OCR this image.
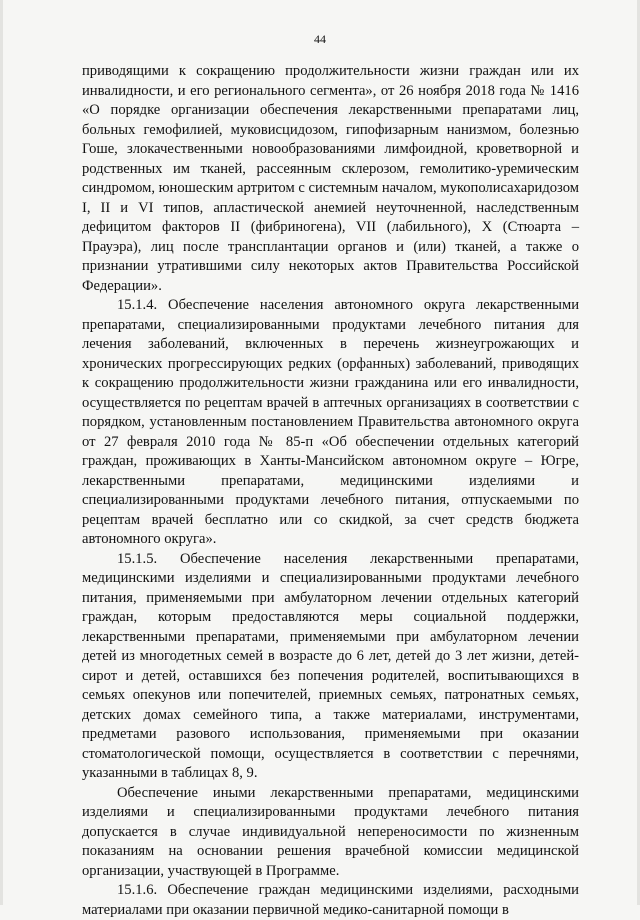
44

приводящими к сокращению продолжительности жизни граждан или их инвалидности, и его регионального сегмента», от 26 ноября 2018 года № 1416 «О порядке организации обеспечения лекарственными препаратами лиц, больных гемофилией, муковисцидозом, гипофизарным нанизмом, болезнью Гоше, злокачественными новообразованиями лимфоидной, кроветворной и родственных им тканей, рассеянным склерозом, гемолитико-уремическим синдромом, юношеским артритом с системным началом, мукополисахаридозом I, II и VI типов, апластической анемией неуточненной, наследственным дефицитом факторов II (фибриногена), VII (лабильного), X (Стюарта – Прауэра), лиц после трансплантации органов и (или) тканей, а также о признании утратившими силу некоторых актов Правительства Российской Федерации».

15.1.4. Обеспечение населения автономного округа лекарственными препаратами, специализированными продуктами лечебного питания для лечения заболеваний, включенных в перечень жизнеугрожающих и хронических прогрессирующих редких (орфанных) заболеваний, приводящих к сокращению продолжительности жизни гражданина или его инвалидности, осуществляется по рецептам врачей в аптечных организациях в соответствии с порядком, установленным постановлением Правительства автономного округа от 27 февраля 2010 года № 85-п «Об обеспечении отдельных категорий граждан, проживающих в Ханты-Мансийском автономном округе – Югре, лекарственными препаратами, медицинскими изделиями и специализированными продуктами лечебного питания, отпускаемыми по рецептам врачей бесплатно или со скидкой, за счет средств бюджета автономного округа».

15.1.5. Обеспечение населения лекарственными препаратами, медицинскими изделиями и специализированными продуктами лечебного питания, применяемыми при амбулаторном лечении отдельных категорий граждан, которым предоставляются меры социальной поддержки, лекарственными препаратами, применяемыми при амбулаторном лечении детей из многодетных семей в возрасте до 6 лет, детей до 3 лет жизни, детей-сирот и детей, оставшихся без попечения родителей, воспитывающихся в семьях опекунов или попечителей, приемных семьях, патронатных семьях, детских домах семейного типа, а также материалами, инструментами, предметами разового использования, применяемыми при оказании стоматологической помощи, осуществляется в соответствии с перечнями, указанными в таблицах 8, 9.

Обеспечение иными лекарственными препаратами, медицинскими изделиями и специализированными продуктами лечебного питания допускается в случае индивидуальной непереносимости по жизненным показаниям на основании решения врачебной комиссии медицинской организации, участвующей в Программе.

15.1.6. Обеспечение граждан медицинскими изделиями, расходными материалами при оказании первичной медико-санитарной помощи в
